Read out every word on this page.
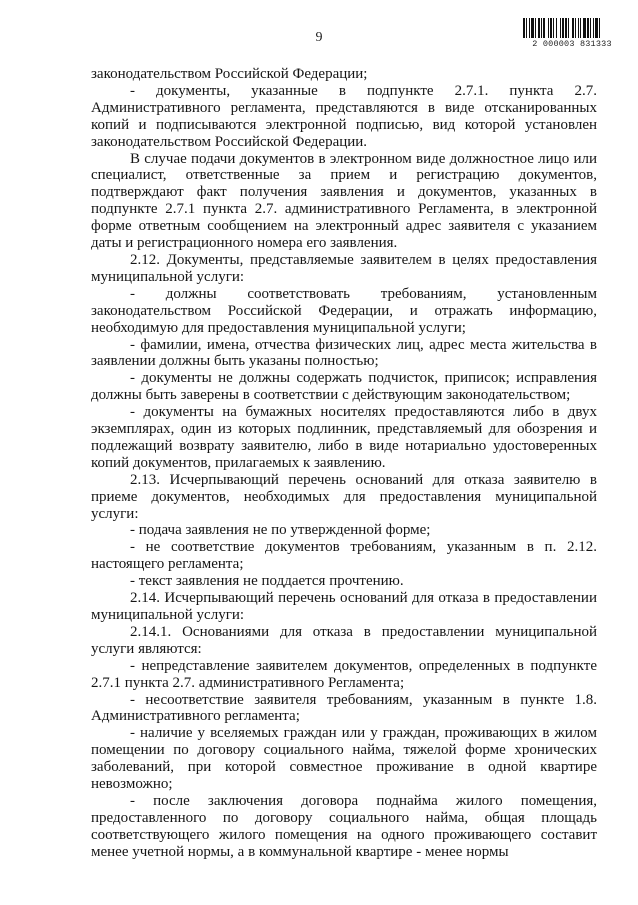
9	2 000003 831333

законодательством Российской Федерации;

- документы, указанные в подпункте 2.7.1. пункта 2.7. Административного регламента, представляются в виде отсканированных копий и подписываются электронной подписью, вид которой установлен законодательством Российской Федерации.

В случае подачи документов в электронном виде должностное лицо или специалист, ответственные за прием и регистрацию документов, подтверждают факт получения заявления и документов, указанных в подпункте 2.7.1 пункта 2.7. административного Регламента, в электронной форме ответным сообщением на электронный адрес заявителя с указанием даты и регистрационного номера его заявления.

2.12. Документы, представляемые заявителем в целях предоставления муниципальной услуги:

- должны соответствовать требованиям, установленным законодательством Российской Федерации, и отражать информацию, необходимую для предоставления муниципальной услуги;

- фамилии, имена, отчества физических лиц, адрес места жительства в заявлении должны быть указаны полностью;

- документы не должны содержать подчисток, приписок; исправления должны быть заверены в соответствии с действующим законодательством;

- документы на бумажных носителях предоставляются либо в двух экземплярах, один из которых подлинник, представляемый для обозрения и подлежащий возврату заявителю, либо в виде нотариально удостоверенных копий документов, прилагаемых к заявлению.

2.13. Исчерпывающий перечень оснований для отказа заявителю в приеме документов, необходимых для предоставления муниципальной услуги:

- подача заявления не по утвержденной форме;

- не соответствие документов требованиям, указанным в п. 2.12. настоящего регламента;

- текст заявления не поддается прочтению.

2.14. Исчерпывающий перечень оснований для отказа в предоставлении муниципальной услуги:

2.14.1. Основаниями для отказа в предоставлении муниципальной услуги являются:

- непредставление заявителем документов, определенных в подпункте 2.7.1 пункта 2.7. административного Регламента;

- несоответствие заявителя требованиям, указанным в пункте 1.8. Административного регламента;

- наличие у вселяемых граждан или у граждан, проживающих в жилом помещении по договору социального найма, тяжелой форме хронических заболеваний, при которой совместное проживание в одной квартире невозможно;

- после заключения договора поднайма жилого помещения, предоставленного по договору социального найма, общая площадь соответствующего жилого помещения на одного проживающего составит менее учетной нормы, а в коммунальной квартире - менее нормы
